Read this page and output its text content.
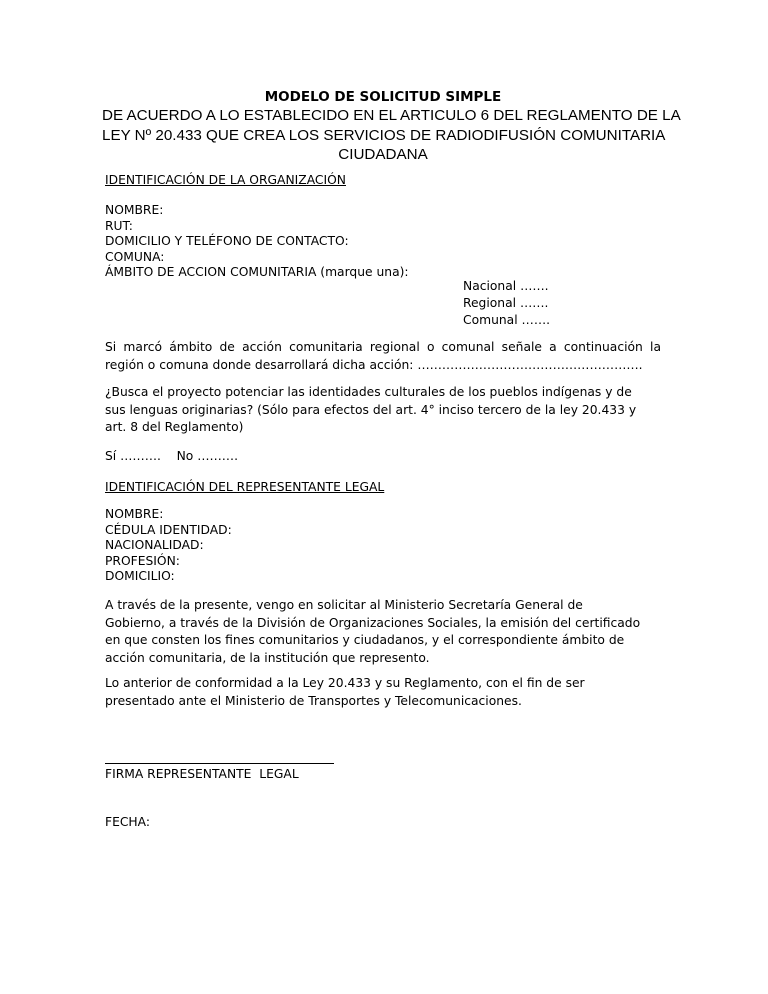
MODELO DE SOLICITUD SIMPLE
DE ACUERDO A LO ESTABLECIDO EN EL ARTICULO 6 DEL REGLAMENTO DE LA
LEY Nº 20.433 QUE CREA LOS SERVICIOS DE RADIODIFUSIÓN COMUNITARIA
CIUDADANA
IDENTIFICACIÓN DE LA ORGANIZACIÓN
NOMBRE:
RUT:
DOMICILIO Y TELÉFONO DE CONTACTO:
COMUNA:
ÁMBITO DE ACCION COMUNITARIA (marque una):
Nacional …….
Regional …….
Comunal …….
Si marcó ámbito de acción comunitaria regional o comunal señale a continuación la
región o comuna donde desarrollará dicha acción: ……………………………………………….
¿Busca el proyecto potenciar las identidades culturales de los pueblos indígenas y de
sus lenguas originarias? (Sólo para efectos del art. 4° inciso tercero de la ley 20.433 y
art. 8 del Reglamento)
Sí ……….    No ……….
IDENTIFICACIÓN DEL REPRESENTANTE LEGAL
NOMBRE:
CÉDULA IDENTIDAD:
NACIONALIDAD:
PROFESIÓN:
DOMICILIO:
A través de la presente, vengo en solicitar al Ministerio Secretaría General de
Gobierno, a través de la División de Organizaciones Sociales, la emisión del certificado
en que consten los fines comunitarios y ciudadanos, y el correspondiente ámbito de
acción comunitaria, de la institución que represento.
Lo anterior de conformidad a la Ley 20.433 y su Reglamento, con el fin de ser
presentado ante el Ministerio de Transportes y Telecomunicaciones.
FIRMA REPRESENTANTE  LEGAL
FECHA:
